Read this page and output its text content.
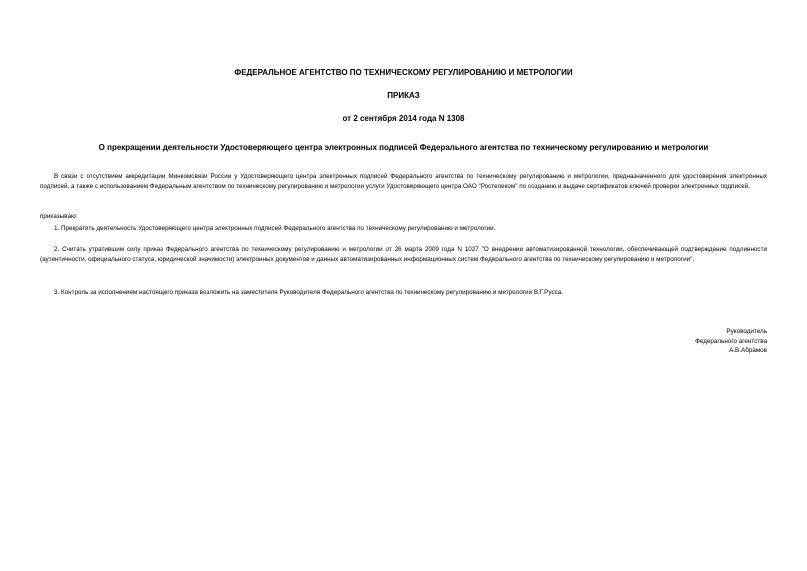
ФЕДЕРАЛЬНОЕ АГЕНТСТВО ПО ТЕХНИЧЕСКОМУ РЕГУЛИРОВАНИЮ И МЕТРОЛОГИИ
ПРИКАЗ
от 2 сентября 2014 года N 1308
О прекращении деятельности Удостоверяющего центра электронных подписей Федерального агентства по техническому регулированию и метрологии

В связи с отсутствием аккредитации Минкомсвязи России у Удостоверяющего центра электронных подписей Федерального агентства по техническому регулированию и метрологии, предназначенного для удостоверения электронных подписей, а также с использованием Федеральным агентством по техническому регулированию и метрологии услуги Удостоверяющего центра ОАО "Ростелеком" по созданию и выдаче сертификатов ключей проверки электронных подписей,

приказываю:

1. Прекратить деятельность Удостоверяющего центра электронных подписей Федерального агентства по техническому регулированию и метрологии.

2. Считать утратившим силу приказ Федерального агентства по техническому регулированию и метрологии от 26 марта 2009 года N 1027 "О внедрении автоматизированной технологии, обеспечивающей подтверждение подлинности (аутентичности, официального статуса, юридической значимости) электронных документов и данных автоматизированных информационных систем Федерального агентства по техническому регулированию и метрологии".

3. Контроль за исполнением настоящего приказа возложить на заместителя Руководителя Федерального агентства по техническому регулированию и метрологии В.Г.Русса.

Руководитель
Федерального агентства
А.В.Абрамов
